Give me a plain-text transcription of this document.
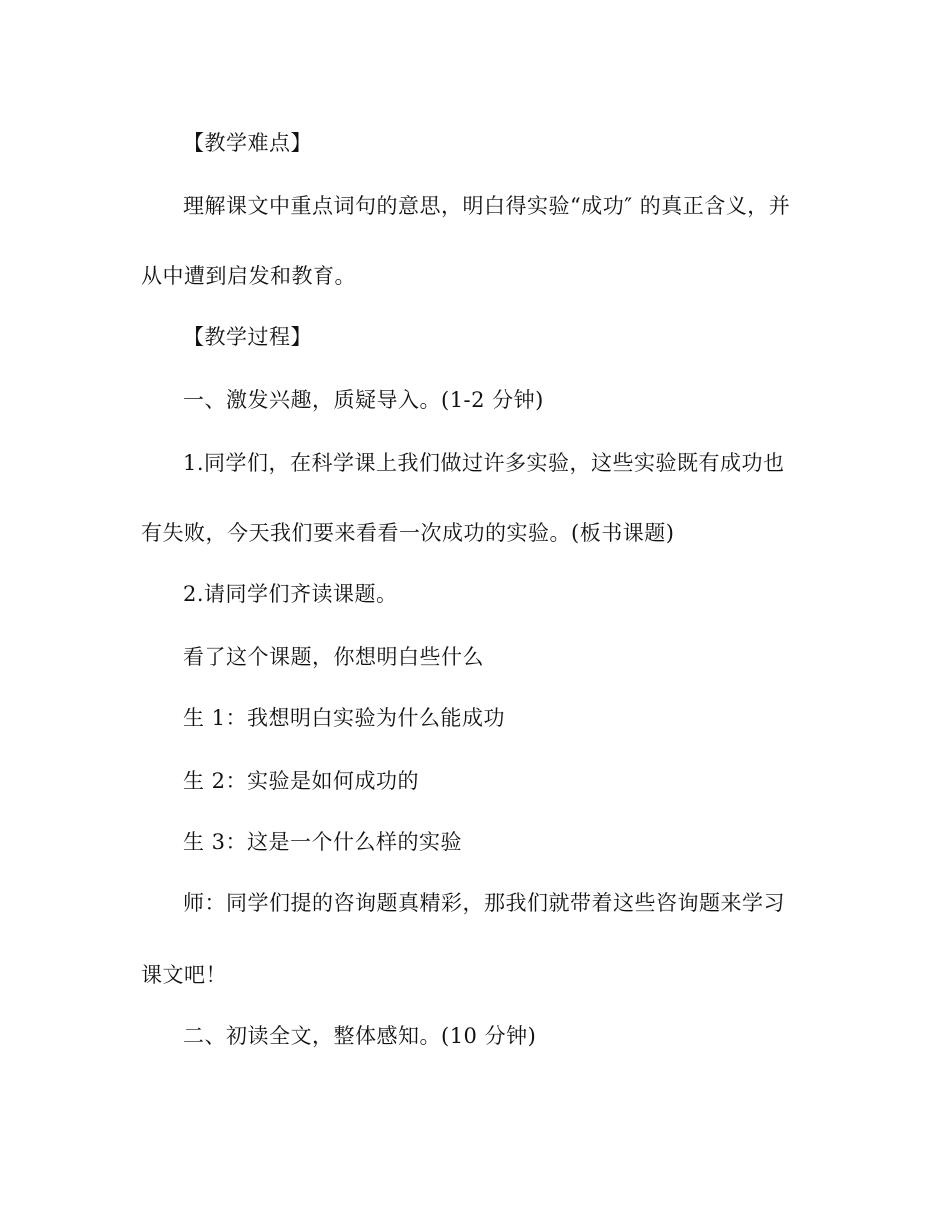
【教学难点】
理解课文中重点词句的意思，明白得实验“成功″ 的真正含义，并
从中遭到启发和教育。
【教学过程】
一、激发兴趣，质疑导入。(1-2 分钟)
1.同学们，在科学课上我们做过许多实验，这些实验既有成功也
有失败，今天我们要来看看一次成功的实验。(板书课题)
2.请同学们齐读课题。
看了这个课题，你想明白些什么
生 1：我想明白实验为什么能成功
生 2：实验是如何成功的
生 3：这是一个什么样的实验
师：同学们提的咨询题真精彩，那我们就带着这些咨询题来学习
课文吧！
二、初读全文，整体感知。(10 分钟)
